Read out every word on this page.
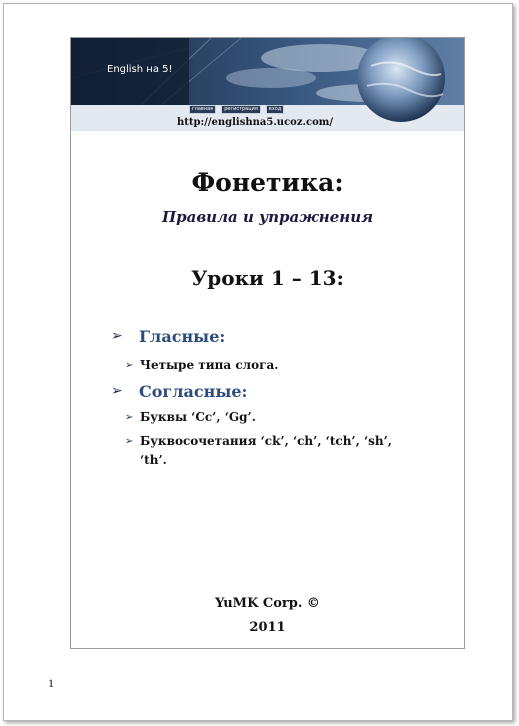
English на 5!
главная	регистрация	вход
http://englishna5.ucoz.com/
Фонетика:
Правила и упражнения
Уроки 1 – 13:
➢ Гласные:
➢ Четыре типа слога.
➢ Согласные:
➢ Буквы ‘Cc’, ‘Gg’.
➢ Буквосочетания ‘ck’, ‘ch’, ‘tch’, ‘sh’,
‘th’.
YuMK Corp. ©
2011
1
